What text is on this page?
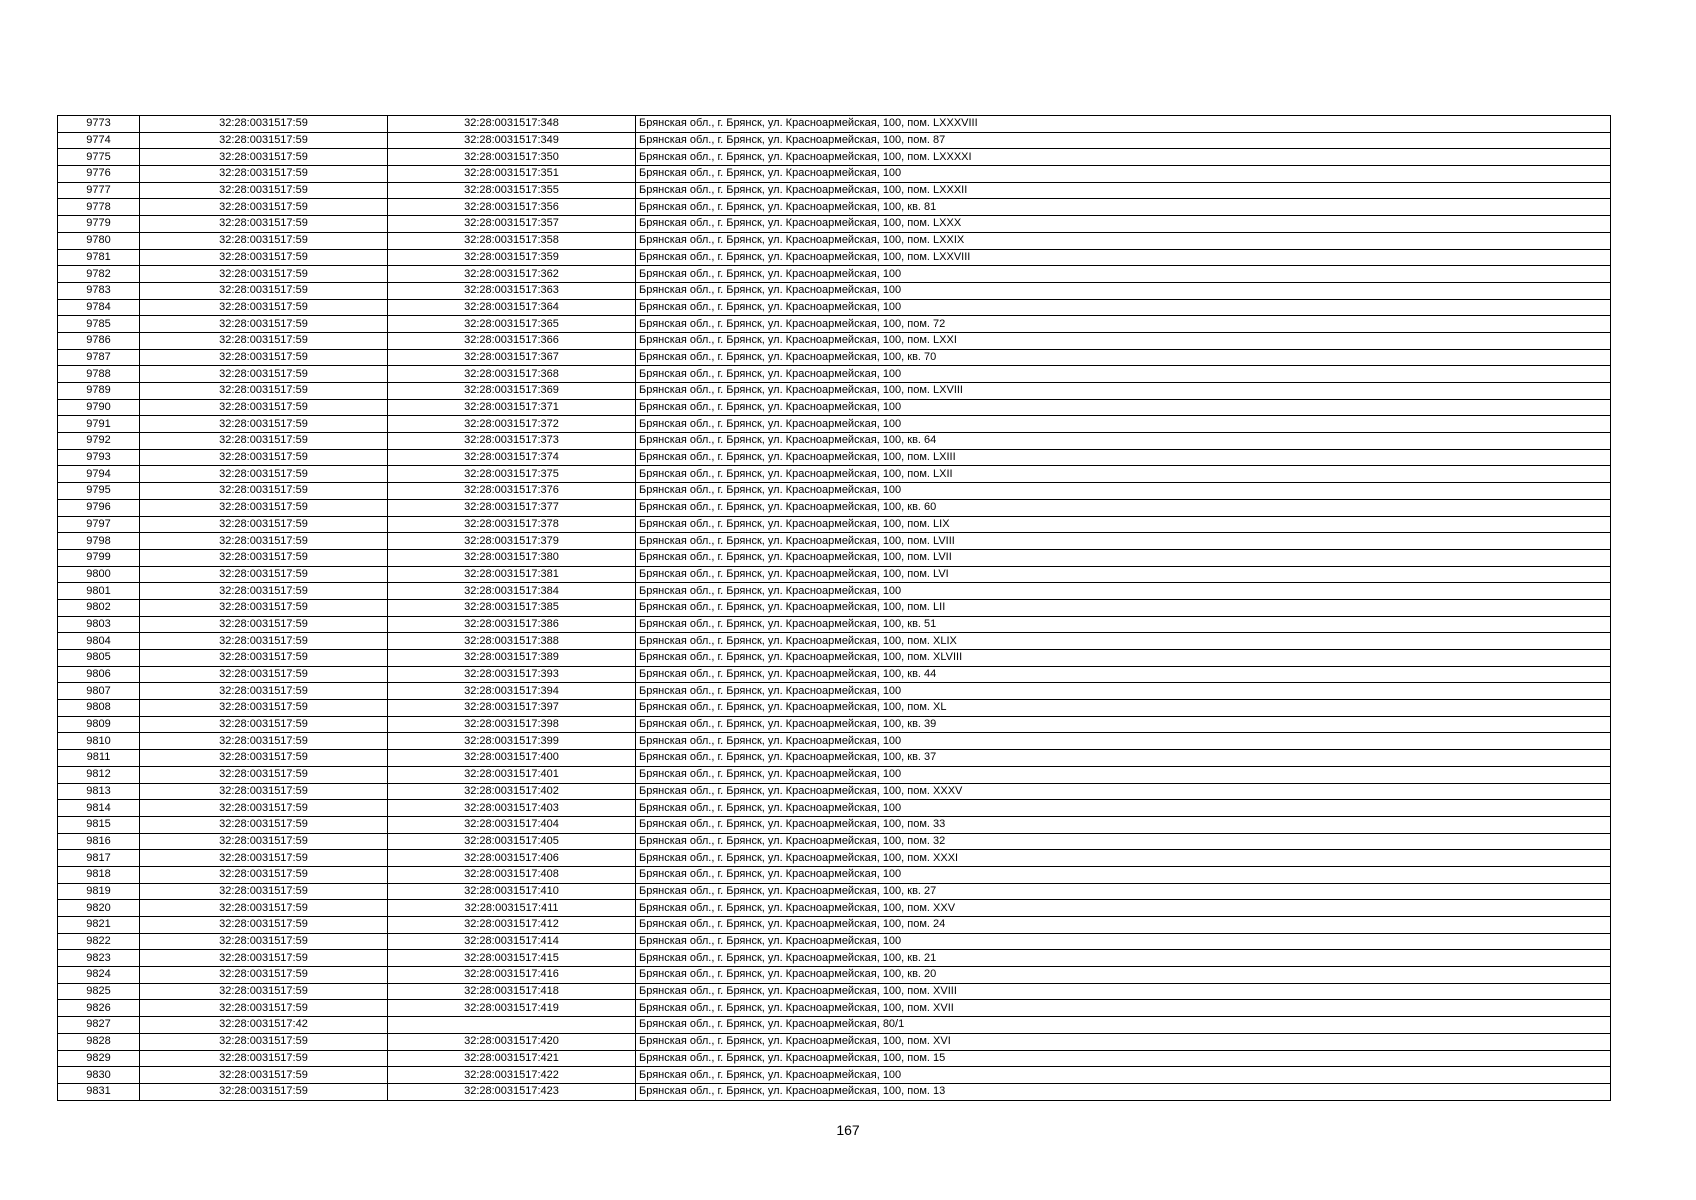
9773	32:28:0031517:59	32:28:0031517:348	Брянская обл., г. Брянск, ул. Красноармейская, 100, пом. LXXXVIII
9774	32:28:0031517:59	32:28:0031517:349	Брянская обл., г. Брянск, ул. Красноармейская, 100, пом. 87
9775	32:28:0031517:59	32:28:0031517:350	Брянская обл., г. Брянск, ул. Красноармейская, 100, пом. LXXXXI
9776	32:28:0031517:59	32:28:0031517:351	Брянская обл., г. Брянск, ул. Красноармейская, 100
9777	32:28:0031517:59	32:28:0031517:355	Брянская обл., г. Брянск, ул. Красноармейская, 100, пом. LXXXII
9778	32:28:0031517:59	32:28:0031517:356	Брянская обл., г. Брянск, ул. Красноармейская, 100, кв. 81
9779	32:28:0031517:59	32:28:0031517:357	Брянская обл., г. Брянск, ул. Красноармейская, 100, пом. LXXX
9780	32:28:0031517:59	32:28:0031517:358	Брянская обл., г. Брянск, ул. Красноармейская, 100, пом. LXXIX
9781	32:28:0031517:59	32:28:0031517:359	Брянская обл., г. Брянск, ул. Красноармейская, 100, пом. LXXVIII
9782	32:28:0031517:59	32:28:0031517:362	Брянская обл., г. Брянск, ул. Красноармейская, 100
9783	32:28:0031517:59	32:28:0031517:363	Брянская обл., г. Брянск, ул. Красноармейская, 100
9784	32:28:0031517:59	32:28:0031517:364	Брянская обл., г. Брянск, ул. Красноармейская, 100
9785	32:28:0031517:59	32:28:0031517:365	Брянская обл., г. Брянск, ул. Красноармейская, 100, пом. 72
9786	32:28:0031517:59	32:28:0031517:366	Брянская обл., г. Брянск, ул. Красноармейская, 100, пом. LXXI
9787	32:28:0031517:59	32:28:0031517:367	Брянская обл., г. Брянск, ул. Красноармейская, 100, кв. 70
9788	32:28:0031517:59	32:28:0031517:368	Брянская обл., г. Брянск, ул. Красноармейская, 100
9789	32:28:0031517:59	32:28:0031517:369	Брянская обл., г. Брянск, ул. Красноармейская, 100, пом. LXVIII
9790	32:28:0031517:59	32:28:0031517:371	Брянская обл., г. Брянск, ул. Красноармейская, 100
9791	32:28:0031517:59	32:28:0031517:372	Брянская обл., г. Брянск, ул. Красноармейская, 100
9792	32:28:0031517:59	32:28:0031517:373	Брянская обл., г. Брянск, ул. Красноармейская, 100, кв. 64
9793	32:28:0031517:59	32:28:0031517:374	Брянская обл., г. Брянск, ул. Красноармейская, 100, пом. LXIII
9794	32:28:0031517:59	32:28:0031517:375	Брянская обл., г. Брянск, ул. Красноармейская, 100, пом. LXII
9795	32:28:0031517:59	32:28:0031517:376	Брянская обл., г. Брянск, ул. Красноармейская, 100
9796	32:28:0031517:59	32:28:0031517:377	Брянская обл., г. Брянск, ул. Красноармейская, 100, кв. 60
9797	32:28:0031517:59	32:28:0031517:378	Брянская обл., г. Брянск, ул. Красноармейская, 100, пом. LIX
9798	32:28:0031517:59	32:28:0031517:379	Брянская обл., г. Брянск, ул. Красноармейская, 100, пом. LVIII
9799	32:28:0031517:59	32:28:0031517:380	Брянская обл., г. Брянск, ул. Красноармейская, 100, пом. LVII
9800	32:28:0031517:59	32:28:0031517:381	Брянская обл., г. Брянск, ул. Красноармейская, 100, пом. LVI
9801	32:28:0031517:59	32:28:0031517:384	Брянская обл., г. Брянск, ул. Красноармейская, 100
9802	32:28:0031517:59	32:28:0031517:385	Брянская обл., г. Брянск, ул. Красноармейская, 100, пом. LII
9803	32:28:0031517:59	32:28:0031517:386	Брянская обл., г. Брянск, ул. Красноармейская, 100, кв. 51
9804	32:28:0031517:59	32:28:0031517:388	Брянская обл., г. Брянск, ул. Красноармейская, 100, пом. XLIX
9805	32:28:0031517:59	32:28:0031517:389	Брянская обл., г. Брянск, ул. Красноармейская, 100, пом. XLVIII
9806	32:28:0031517:59	32:28:0031517:393	Брянская обл., г. Брянск, ул. Красноармейская, 100, кв. 44
9807	32:28:0031517:59	32:28:0031517:394	Брянская обл., г. Брянск, ул. Красноармейская, 100
9808	32:28:0031517:59	32:28:0031517:397	Брянская обл., г. Брянск, ул. Красноармейская, 100, пом. XL
9809	32:28:0031517:59	32:28:0031517:398	Брянская обл., г. Брянск, ул. Красноармейская, 100, кв. 39
9810	32:28:0031517:59	32:28:0031517:399	Брянская обл., г. Брянск, ул. Красноармейская, 100
9811	32:28:0031517:59	32:28:0031517:400	Брянская обл., г. Брянск, ул. Красноармейская, 100, кв. 37
9812	32:28:0031517:59	32:28:0031517:401	Брянская обл., г. Брянск, ул. Красноармейская, 100
9813	32:28:0031517:59	32:28:0031517:402	Брянская обл., г. Брянск, ул. Красноармейская, 100, пом. XXXV
9814	32:28:0031517:59	32:28:0031517:403	Брянская обл., г. Брянск, ул. Красноармейская, 100
9815	32:28:0031517:59	32:28:0031517:404	Брянская обл., г. Брянск, ул. Красноармейская, 100, пом. 33
9816	32:28:0031517:59	32:28:0031517:405	Брянская обл., г. Брянск, ул. Красноармейская, 100, пом. 32
9817	32:28:0031517:59	32:28:0031517:406	Брянская обл., г. Брянск, ул. Красноармейская, 100, пом. XXXI
9818	32:28:0031517:59	32:28:0031517:408	Брянская обл., г. Брянск, ул. Красноармейская, 100
9819	32:28:0031517:59	32:28:0031517:410	Брянская обл., г. Брянск, ул. Красноармейская, 100, кв. 27
9820	32:28:0031517:59	32:28:0031517:411	Брянская обл., г. Брянск, ул. Красноармейская, 100, пом. XXV
9821	32:28:0031517:59	32:28:0031517:412	Брянская обл., г. Брянск, ул. Красноармейская, 100, пом. 24
9822	32:28:0031517:59	32:28:0031517:414	Брянская обл., г. Брянск, ул. Красноармейская, 100
9823	32:28:0031517:59	32:28:0031517:415	Брянская обл., г. Брянск, ул. Красноармейская, 100, кв. 21
9824	32:28:0031517:59	32:28:0031517:416	Брянская обл., г. Брянск, ул. Красноармейская, 100, кв. 20
9825	32:28:0031517:59	32:28:0031517:418	Брянская обл., г. Брянск, ул. Красноармейская, 100, пом. XVIII
9826	32:28:0031517:59	32:28:0031517:419	Брянская обл., г. Брянск, ул. Красноармейская, 100, пом. XVII
9827	32:28:0031517:42		Брянская обл., г. Брянск, ул. Красноармейская, 80/1
9828	32:28:0031517:59	32:28:0031517:420	Брянская обл., г. Брянск, ул. Красноармейская, 100, пом. XVI
9829	32:28:0031517:59	32:28:0031517:421	Брянская обл., г. Брянск, ул. Красноармейская, 100, пом. 15
9830	32:28:0031517:59	32:28:0031517:422	Брянская обл., г. Брянск, ул. Красноармейская, 100
9831	32:28:0031517:59	32:28:0031517:423	Брянская обл., г. Брянск, ул. Красноармейская, 100, пом. 13
167
